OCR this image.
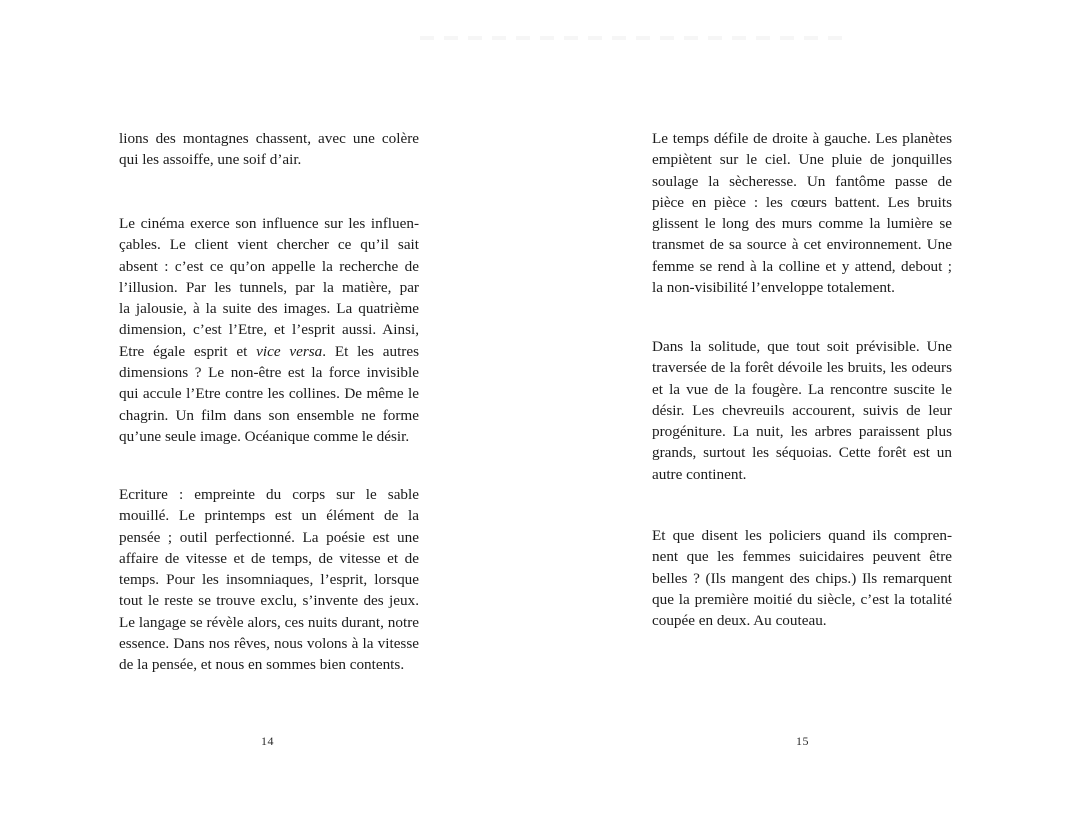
lions des montagnes chassent, avec une colère
qui les assoiffe, une soif d’air.
Le cinéma exerce son influence sur les influen-
çables. Le client vient chercher ce qu’il sait
absent : c’est ce qu’on appelle la recherche de
l’illusion. Par les tunnels, par la matière, par
la jalousie, à la suite des images. La quatrième
dimension, c’est l’Etre, et l’esprit aussi. Ainsi,
Etre égale esprit et vice versa. Et les autres
dimensions ? Le non-être est la force invisible
qui accule l’Etre contre les collines. De même le
chagrin. Un film dans son ensemble ne forme
qu’une seule image. Océanique comme le désir.
Ecriture : empreinte du corps sur le sable
mouillé. Le printemps est un élément de la
pensée ; outil perfectionné. La poésie est une
affaire de vitesse et de temps, de vitesse et de
temps. Pour les insomniaques, l’esprit, lorsque
tout le reste se trouve exclu, s’invente des jeux.
Le langage se révèle alors, ces nuits durant, notre
essence. Dans nos rêves, nous volons à la vitesse
de la pensée, et nous en sommes bien contents.
14
Le temps défile de droite à gauche. Les planètes
empiètent sur le ciel. Une pluie de jonquilles
soulage la sècheresse. Un fantôme passe de
pièce en pièce : les cœurs battent. Les bruits
glissent le long des murs comme la lumière se
transmet de sa source à cet environnement. Une
femme se rend à la colline et y attend, debout ;
la non-visibilité l’enveloppe totalement.
Dans la solitude, que tout soit prévisible. Une
traversée de la forêt dévoile les bruits, les odeurs
et la vue de la fougère. La rencontre suscite le
désir. Les chevreuils accourent, suivis de leur
progéniture. La nuit, les arbres paraissent plus
grands, surtout les séquoias. Cette forêt est un
autre continent.
Et que disent les policiers quand ils compren-
nent que les femmes suicidaires peuvent être
belles ? (Ils mangent des chips.) Ils remarquent
que la première moitié du siècle, c’est la totalité
coupée en deux. Au couteau.
15
